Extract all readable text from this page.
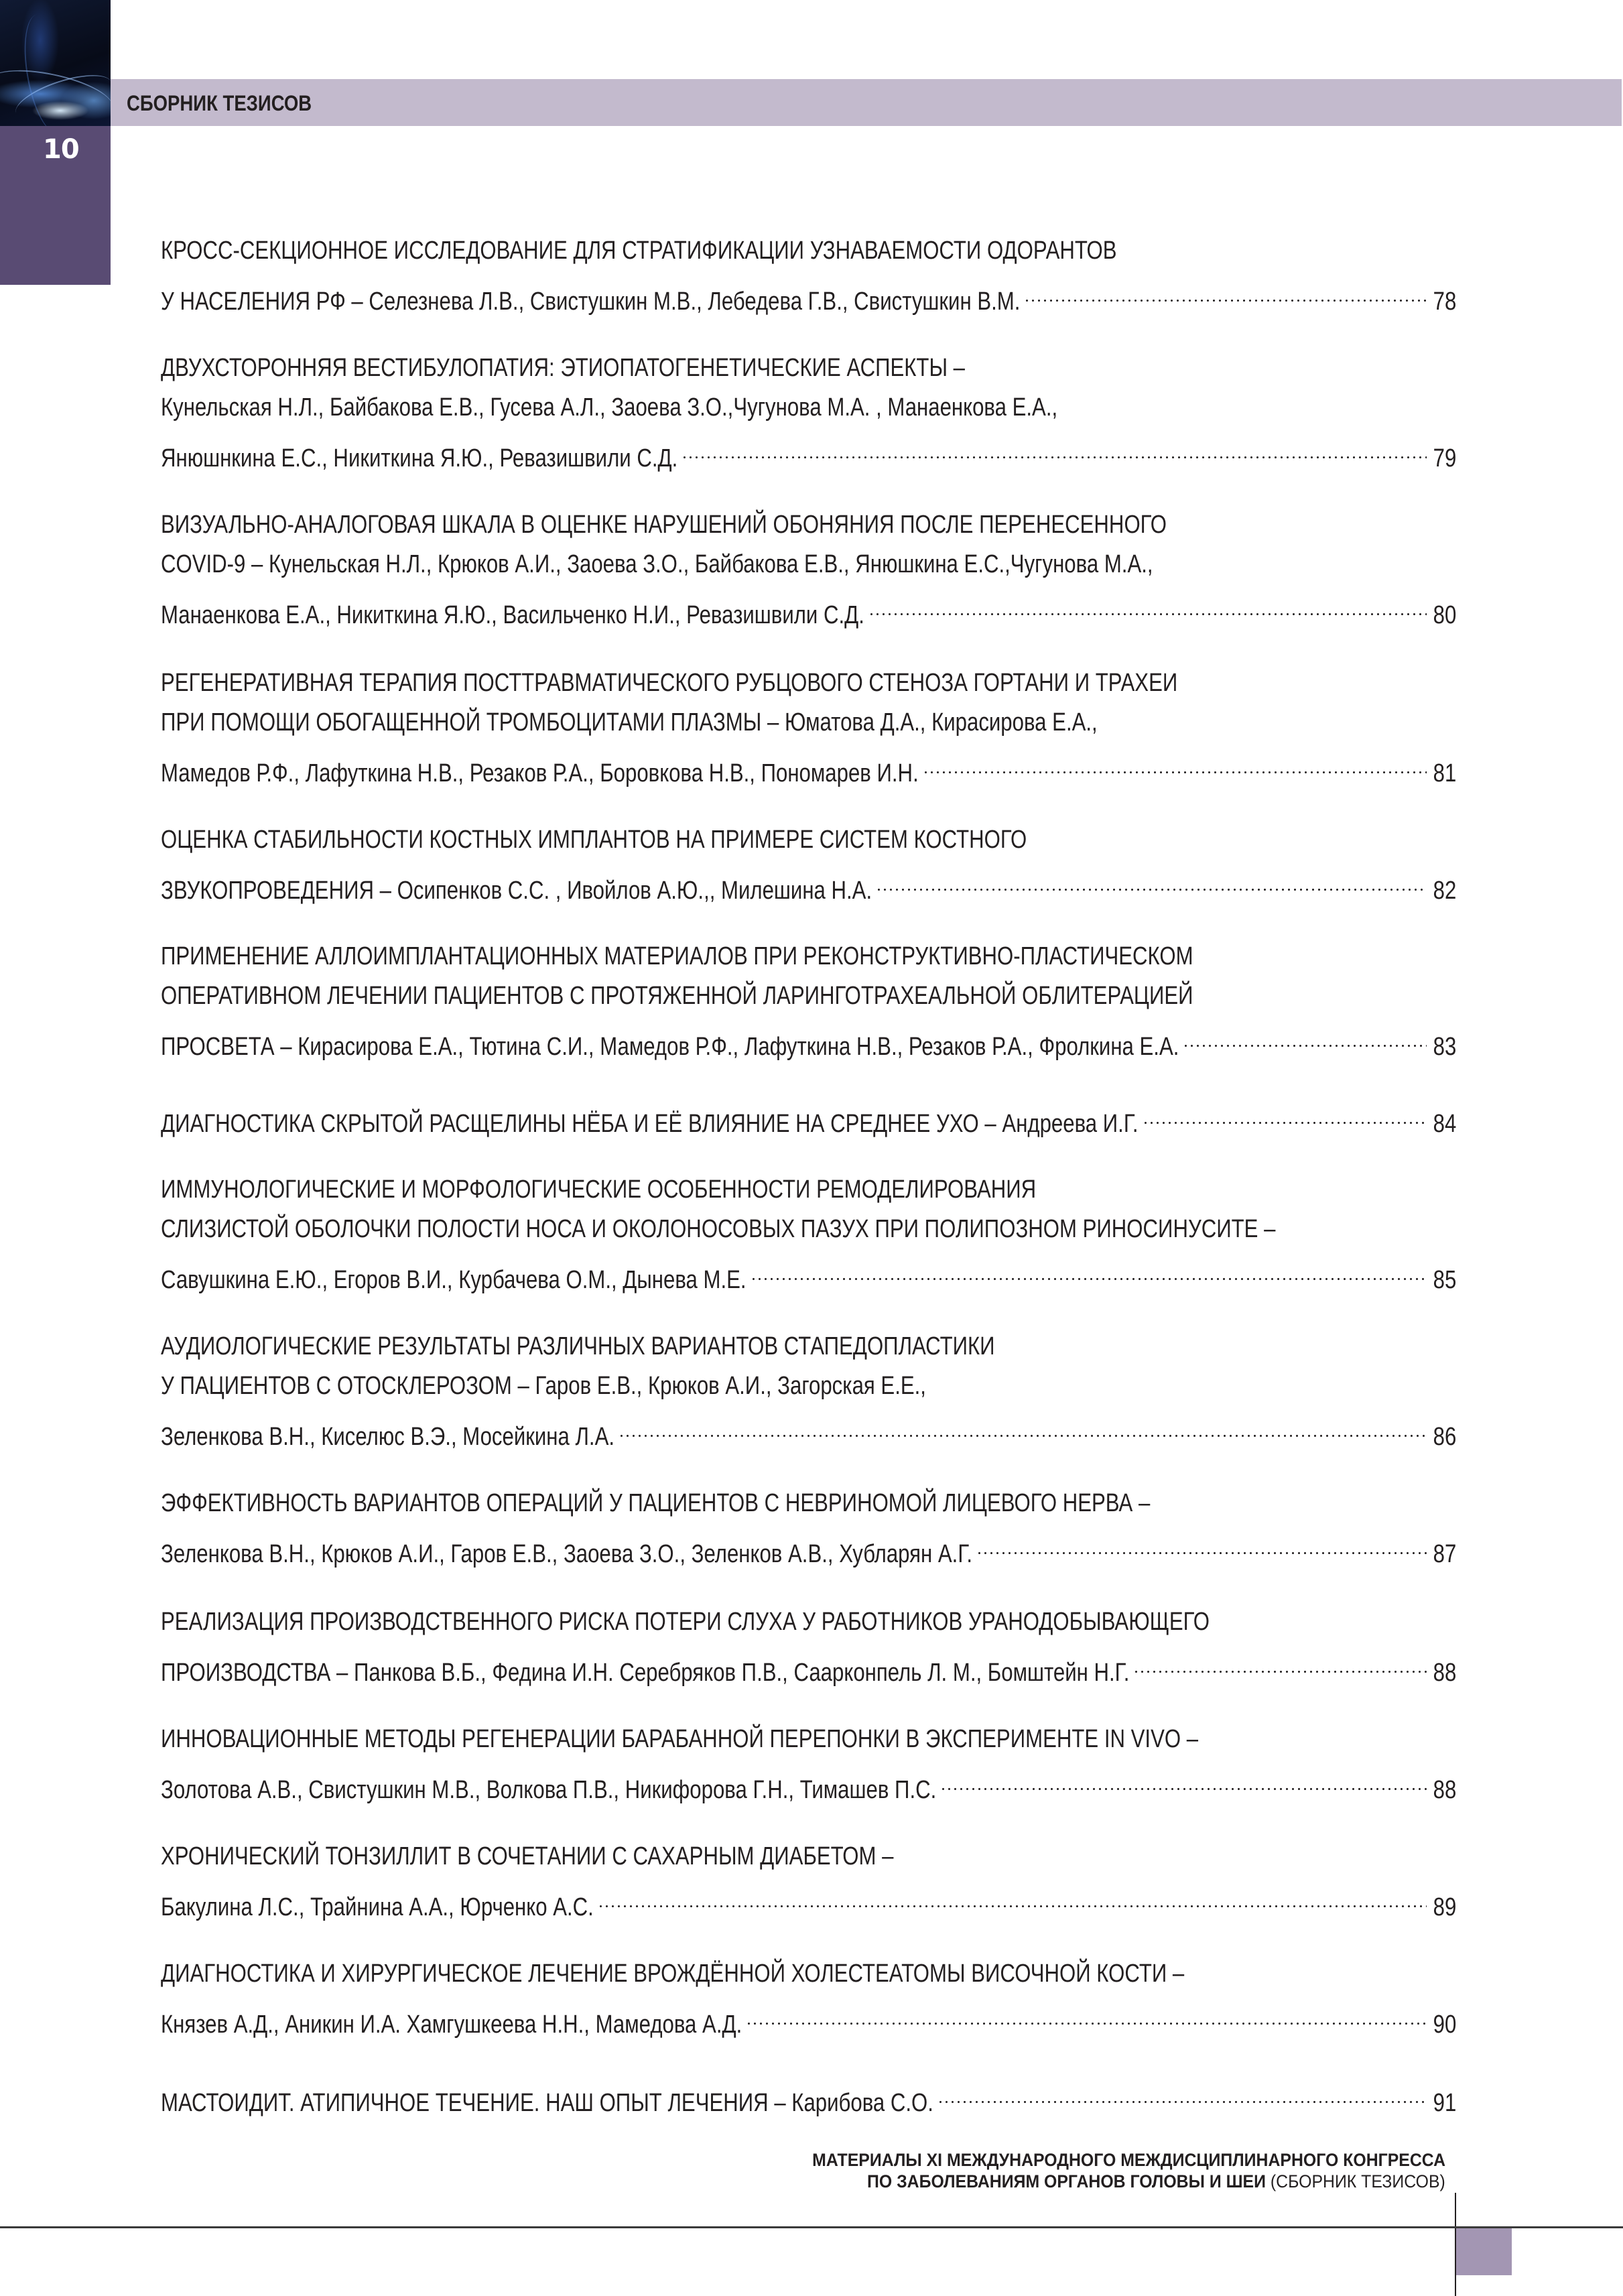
10
СБОРНИК ТЕЗИСОВ
КРОСС-СЕКЦИОННОЕ ИССЛЕДОВАНИЕ ДЛЯ СТРАТИФИКАЦИИ УЗНАВАЕМОСТИ ОДОРАНТОВ
У НАСЕЛЕНИЯ РФ – Селезнева Л.В., Свистушкин М.В., Лебедева Г.В., Свистушкин В.М.	78
ДВУХСТОРОННЯЯ ВЕСТИБУЛОПАТИЯ: ЭТИОПАТОГЕНЕТИЧЕСКИЕ АСПЕКТЫ –
Кунельская Н.Л., Байбакова Е.В., Гусева А.Л., Заоева З.О.,Чугунова М.А. , Манаенкова Е.А.,
Янюшнкина Е.С., Никиткина Я.Ю., Ревазишвили С.Д.	79
ВИЗУАЛЬНО-АНАЛОГОВАЯ ШКАЛА В ОЦЕНКЕ НАРУШЕНИЙ ОБОНЯНИЯ ПОСЛЕ ПЕРЕНЕСЕННОГО
COVID-9 – Кунельская Н.Л., Крюков А.И., Заоева З.О., Байбакова Е.В., Янюшкина Е.С.,Чугунова М.А.,
Манаенкова Е.А., Никиткина Я.Ю., Васильченко Н.И., Ревазишвили С.Д.	80
РЕГЕНЕРАТИВНАЯ ТЕРАПИЯ ПОСТТРАВМАТИЧЕСКОГО РУБЦОВОГО СТЕНОЗА ГОРТАНИ И ТРАХЕИ
ПРИ ПОМОЩИ ОБОГАЩЕННОЙ ТРОМБОЦИТАМИ ПЛАЗМЫ – Юматова Д.А., Кирасирова Е.А.,
Мамедов Р.Ф., Лафуткина Н.В., Резаков Р.А., Боровкова Н.В., Пономарев И.Н.	81
ОЦЕНКА СТАБИЛЬНОСТИ КОСТНЫХ ИМПЛАНТОВ НА ПРИМЕРЕ СИСТЕМ КОСТНОГО
ЗВУКОПРОВЕДЕНИЯ – Осипенков С.С. , Ивойлов А.Ю.,, Милешина Н.А.	82
ПРИМЕНЕНИЕ АЛЛОИМПЛАНТАЦИОННЫХ МАТЕРИАЛОВ ПРИ РЕКОНСТРУКТИВНО-ПЛАСТИЧЕСКОМ
ОПЕРАТИВНОМ ЛЕЧЕНИИ ПАЦИЕНТОВ С ПРОТЯЖЕННОЙ ЛАРИНГОТРАХЕАЛЬНОЙ ОБЛИТЕРАЦИЕЙ
ПРОСВЕТА – Кирасирова Е.А., Тютина С.И., Мамедов Р.Ф., Лафуткина Н.В., Резаков Р.А., Фролкина Е.А.	83
ДИАГНОСТИКА СКРЫТОЙ РАСЩЕЛИНЫ НЁБА И ЕЁ ВЛИЯНИЕ НА СРЕДНЕЕ УХО – Андреева И.Г.	84
ИММУНОЛОГИЧЕСКИЕ И МОРФОЛОГИЧЕСКИЕ ОСОБЕННОСТИ РЕМОДЕЛИРОВАНИЯ
СЛИЗИСТОЙ ОБОЛОЧКИ ПОЛОСТИ НОСА И ОКОЛОНОСОВЫХ ПАЗУХ ПРИ ПОЛИПОЗНОМ РИНОСИНУСИТЕ –
Савушкина Е.Ю., Егоров В.И., Курбачева О.М., Дынева М.Е.	85
АУДИОЛОГИЧЕСКИЕ РЕЗУЛЬТАТЫ РАЗЛИЧНЫХ ВАРИАНТОВ СТАПЕДОПЛАСТИКИ
У ПАЦИЕНТОВ С ОТОСКЛЕРОЗОМ – Гаров Е.В., Крюков А.И., Загорская Е.Е.,
Зеленкова В.Н., Киселюс В.Э., Мосейкина Л.А.	86
ЭФФЕКТИВНОСТЬ ВАРИАНТОВ ОПЕРАЦИЙ У ПАЦИЕНТОВ С НЕВРИНОМОЙ ЛИЦЕВОГО НЕРВА –
Зеленкова В.Н., Крюков А.И., Гаров Е.В., Заоева З.О., Зеленков А.В., Хубларян А.Г.	87
РЕАЛИЗАЦИЯ ПРОИЗВОДСТВЕННОГО РИСКА ПОТЕРИ СЛУХА У РАБОТНИКОВ УРАНОДОБЫВАЮЩЕГО
ПРОИЗВОДСТВА – Панкова В.Б., Федина И.Н. Серебряков П.В., Саарконпель Л. М., Бомштейн Н.Г.	88
ИННОВАЦИОННЫЕ МЕТОДЫ РЕГЕНЕРАЦИИ БАРАБАННОЙ ПЕРЕПОНКИ В ЭКСПЕРИМЕНТЕ IN VIVO –
Золотова А.В., Свистушкин М.В., Волкова П.В., Никифорова Г.Н., Тимашев П.С.	88
ХРОНИЧЕСКИЙ ТОНЗИЛЛИТ В СОЧЕТАНИИ С САХАРНЫМ ДИАБЕТОМ –
Бакулина Л.С., Трайнина А.А., Юрченко А.С.	89
ДИАГНОСТИКА И ХИРУРГИЧЕСКОЕ ЛЕЧЕНИЕ ВРОЖДЁННОЙ ХОЛЕСТЕАТОМЫ ВИСОЧНОЙ КОСТИ –
Князев А.Д., Аникин И.А. Хамгушкеева Н.Н., Мамедова А.Д.	90
МАСТОИДИТ. АТИПИЧНОЕ ТЕЧЕНИЕ. НАШ ОПЫТ ЛЕЧЕНИЯ – Карибова С.О.	91
МАТЕРИАЛЫ XI МЕЖДУНАРОДНОГО МЕЖДИСЦИПЛИНАРНОГО КОНГРЕССА
ПО ЗАБОЛЕВАНИЯМ ОРГАНОВ ГОЛОВЫ И ШЕИ (СБОРНИК ТЕЗИСОВ)
